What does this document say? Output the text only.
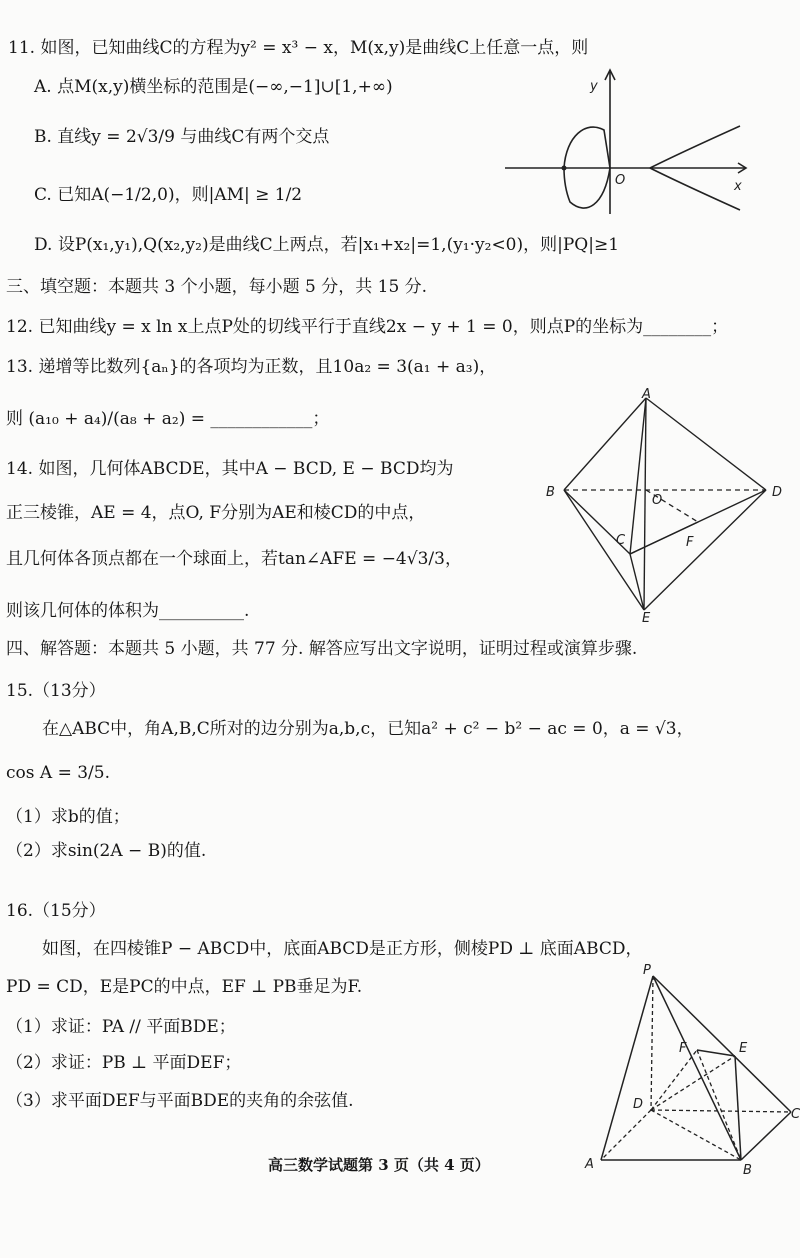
11. 如图，已知曲线C的方程为y² = x³ − x，M(x,y)是曲线C上任意一点，则
A. 点M(x,y)横坐标的范围是(−∞,−1]∪[1,+∞)
B. 直线y = 2√3/9 与曲线C有两个交点
C. 已知A(−1/2,0)，则|AM| ≥ 1/2
D. 设P(x₁,y₁),Q(x₂,y₂)是曲线C上两点，若|x₁+x₂|=1,(y₁·y₂<0)，则|PQ|≥1
y
O	x
三、填空题：本题共 3 个小题，每小题 5 分，共 15 分.
12. 已知曲线y = x ln x上点P处的切线平行于直线2x − y + 1 = 0，则点P的坐标为________；
13. 递增等比数列{aₙ}的各项均为正数，且10a₂ = 3(a₁ + a₃)，
则 (a₁₀ + a₄)/(a₈ + a₂) = ____________；
14. 如图，几何体ABCDE，其中A − BCD, E − BCD均为
正三棱锥，AE = 4，点O, F分别为AE和棱CD的中点，
且几何体各顶点都在一个球面上，若tan∠AFE = −4√3/3，
则该几何体的体积为__________.
A
B	D
C
O
F
E
四、解答题：本题共 5 小题，共 77 分. 解答应写出文字说明，证明过程或演算步骤.
15.（13分）
在△ABC中，角A,B,C所对的边分别为a,b,c，已知a² + c² − b² − ac = 0，a = √3，
cos A = 3/5.
（1）求b的值；
（2）求sin(2A − B)的值.
16.（15分）
如图，在四棱锥P − ABCD中，底面ABCD是正方形，侧棱PD ⊥ 底面ABCD，
PD = CD，E是PC的中点，EF ⊥ PB垂足为F.
（1）求证：PA // 平面BDE；
（2）求证：PB ⊥ 平面DEF；
（3）求平面DEF与平面BDE的夹角的余弦值.
P
F	E
D
C
A	B
高三数学试题第 3 页（共 4 页）
